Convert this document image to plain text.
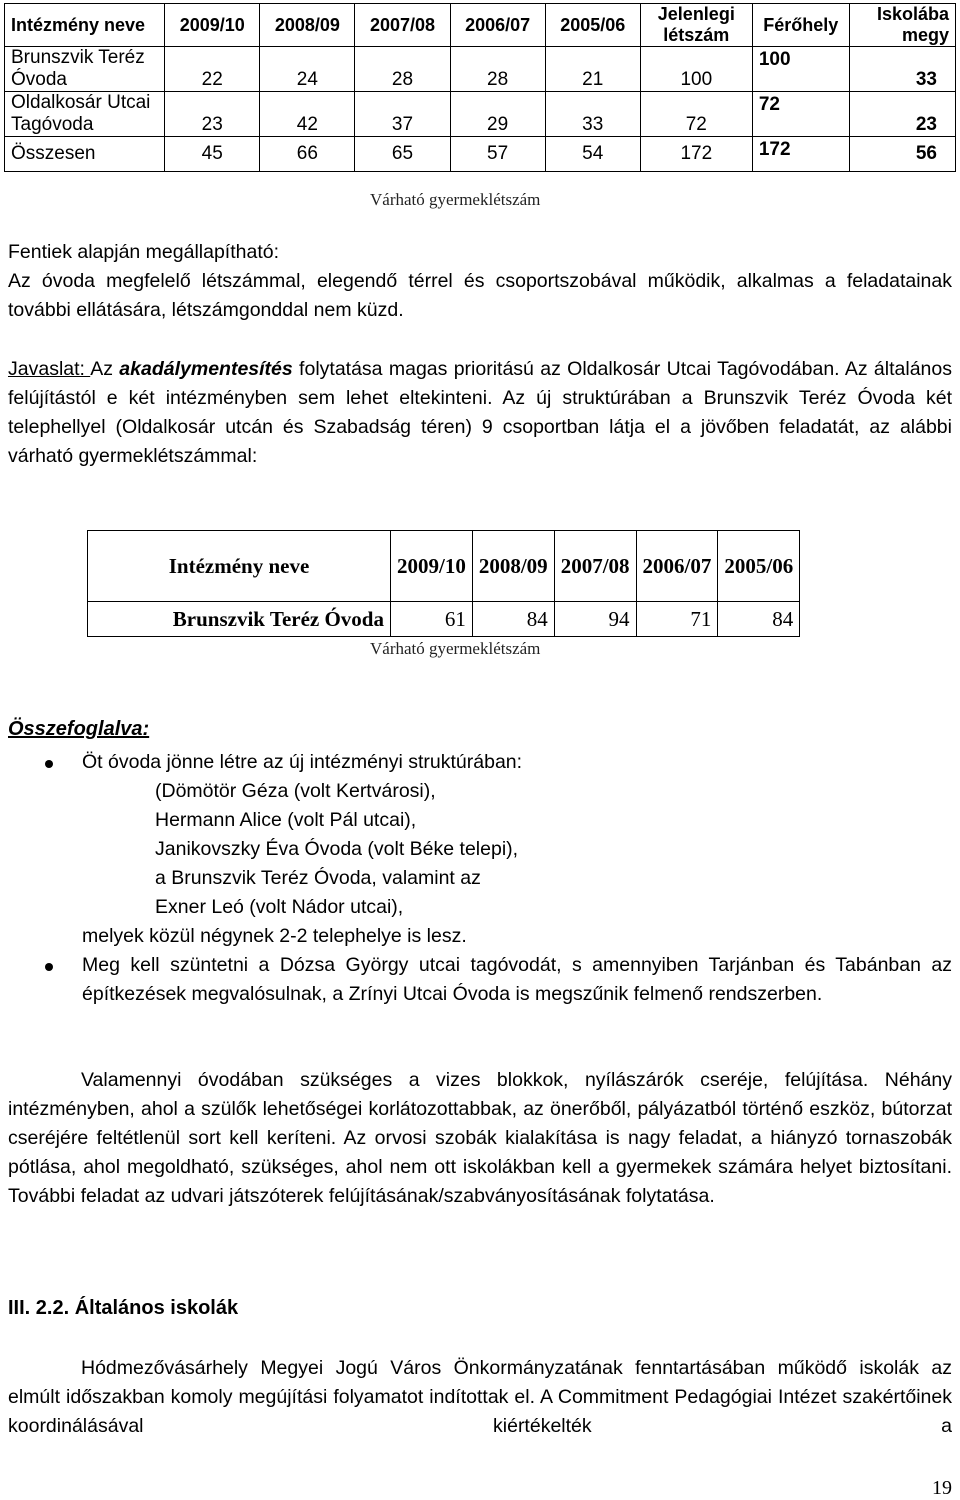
Intézmény neve	2009/10	2008/09	2007/08	2006/07	2005/06	Jelenlegi létszám	Férőhely	Iskolába megy

Brunszvik Teréz
Óvoda	22	24	28	28	21	100	100	33

Oldalkosár Utcai
Tagóvoda	23	42	37	29	33	72	72	23
Összesen	45	66	65	57	54	172	172	56
Várható gyermeklétszám
Fentiek alapján megállapítható:
Az óvoda megfelelő létszámmal, elegendő térrel és csoportszobával működik, alkalmas a feladatainak további ellátására, létszámgonddal nem küzd.
Javaslat: Az akadálymentesítés folytatása magas prioritású az Oldalkosár Utcai Tagóvodában. Az általános felújítástól e két intézményben sem lehet eltekinteni. Az új struktúrában a Brunszvik Teréz Óvoda két telephellyel (Oldalkosár utcán és Szabadság téren) 9 csoportban látja el a jövőben feladatát, az alábbi várható gyermeklétszámmal:
Intézmény neve	2009/10	2008/09	2007/08	2006/07	2005/06
Brunszvik Teréz Óvoda	61	84	94	71	84
Várható gyermeklétszám
Összefoglalva:
Öt óvoda jönne létre az új intézményi struktúrában:
(Dömötör Géza (volt Kertvárosi),
Hermann Alice (volt Pál utcai),
Janikovszky Éva Óvoda (volt Béke telepi),
a Brunszvik Teréz Óvoda, valamint az
Exner Leó (volt Nádor utcai),
melyek közül négynek 2-2 telephelye is lesz.
Meg kell szüntetni a Dózsa György utcai tagóvodát, s amennyiben Tarjánban és Tabánban az építkezések megvalósulnak, a Zrínyi Utcai Óvoda is megszűnik felmenő rendszerben.
Valamennyi óvodában szükséges a vizes blokkok, nyílászárók cseréje, felújítása. Néhány intézményben, ahol a szülők lehetőségei korlátozottabbak, az önerőből, pályázatból történő eszköz, bútorzat cseréjére feltétlenül sort kell keríteni. Az orvosi szobák kialakítása is nagy feladat, a hiányzó tornaszobák pótlása, ahol megoldható, szükséges, ahol nem ott iskolákban kell a gyermekek számára helyet biztosítani. További feladat az udvari játszóterek felújításának/szabványosításának folytatása.
III. 2.2. Általános iskolák
Hódmezővásárhely Megyei Jogú Város Önkormányzatának fenntartásában működő iskolák az elmúlt időszakban komoly megújítási folyamatot indítottak el. A Commitment Pedagógiai Intézet szakértőinek koordinálásával kiértékelték a
19
